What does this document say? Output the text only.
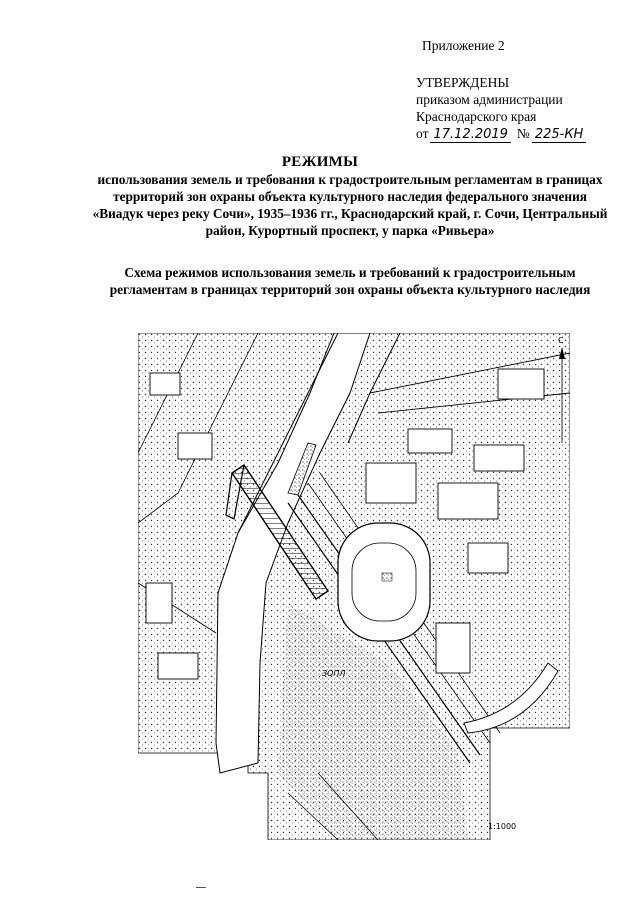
Приложение 2
УТВЕРЖДЕНЫ
приказом администрации
Краснодарского края
от 17.12.2019 № 225-КН
РЕЖИМЫ
использования земель и требования к градостроительным регламентам в границах территорий зон охраны объекта культурного наследия федерального значения «Виадук через реку Сочи», 1935–1936 гг., Краснодарский край, г. Сочи, Центральный район, Курортный проспект, у парка «Ривьера»
Схема режимов использования земель и требований к градостроительным регламентам в границах территорий зон охраны объекта культурного наследия
С
ЗОПЛ
1:1000
